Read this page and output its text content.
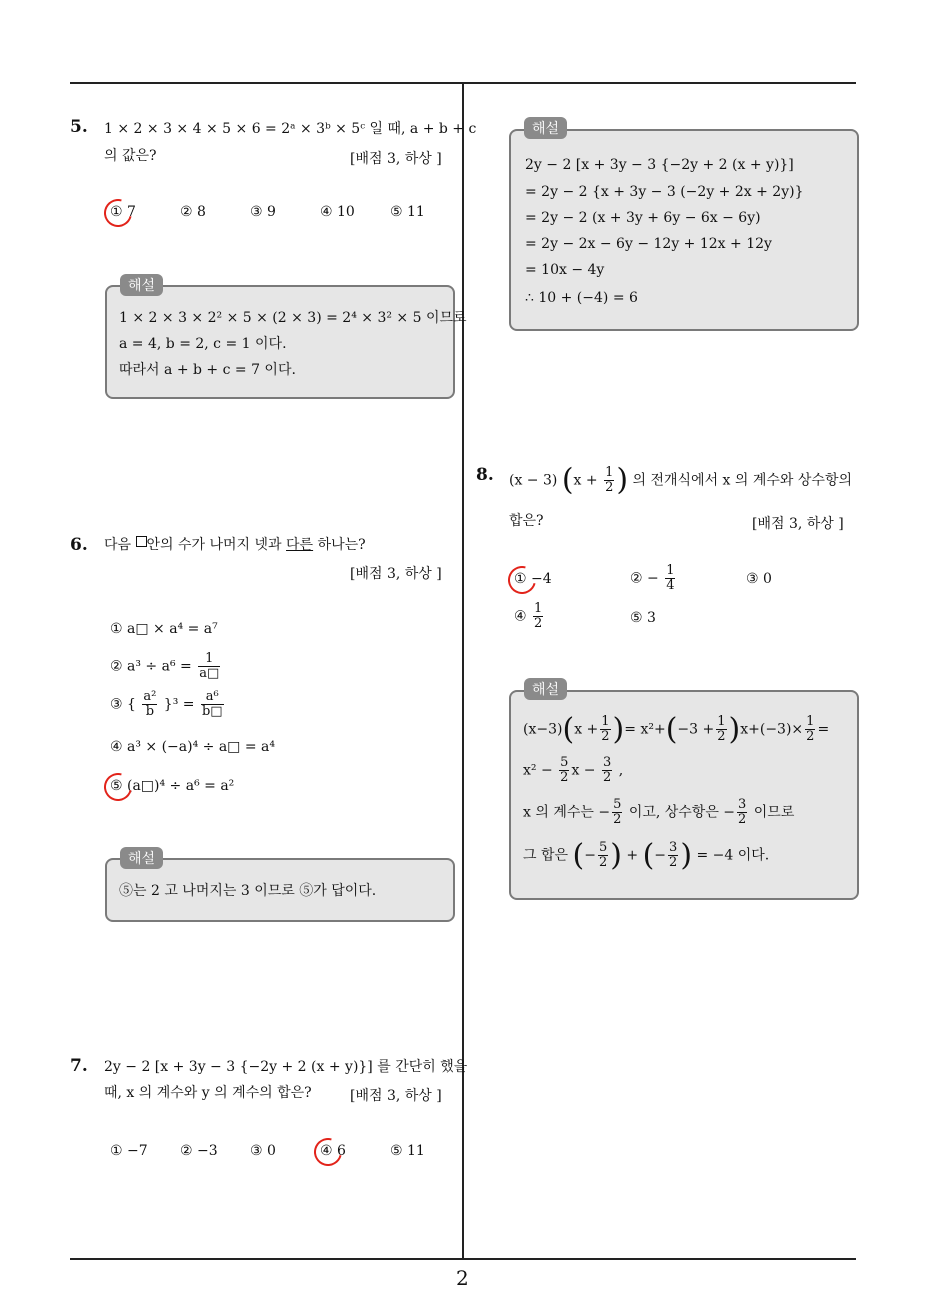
2
5. 1 × 2 × 3 × 4 × 5 × 6 = 2ᵃ × 3ᵇ × 5ᶜ 일 때, a + b + c
의 값은?	[배점 3, 하상 ]
① 7	② 8	③ 9	④ 10	⑤ 11
1 × 2 × 3 × 2² × 5 × (2 × 3) = 2⁴ × 3² × 5 이므로
a = 4, b = 2, c = 1 이다.
따라서 a + b + c = 7 이다.
해설
6. 다음 안의 수가 나머지 넷과 다른 하나는?
[배점 3, 하상 ]
① a□ × a⁴ = a⁷
② $a^3 \div a^6 = \frac{1}{a□}$
③ { $\frac{\text{a²}}{b} \}^3 = \frac{\text{a⁶}}{b□}$
④ a³ × (−a)⁴ ÷ a□ = a⁴
⑤ (a□)⁴ ÷ a⁶ = a²
⑤는 2 고 나머지는 3 이므로 ⑤가 답이다.
해설
7. 2y − 2 [x + 3y − 3 {−2y + 2 (x + y)}] 를 간단히 했을
때, x 의 계수와 y 의 계수의 합은?	[배점 3, 하상 ]
① −7 ② −3 ③ 0	④ 6	⑤ 11
2y − 2 [x + 3y − 3 {−2y + 2 (x + y)}]
= 2y − 2 {x + 3y − 3 (−2y + 2x + 2y)}
= 2y − 2 (x + 3y + 6y − 6x − 6y)
= 2y − 2x − 6y − 12y + 12x + 12y
= 10x − 4y
∴ 10 + (−4) = 6
해설
8. (x − 3) ($x + \frac{1}{2}$ ) 의 전개식에서 x 의 계수와 상수항의
합은?	[배점 3, 하상 ]
① −4	② − $\frac{1}{4}$	③ 0
④ $\frac{1}{2}$	⑤ 3
$(x-3)(x + \frac{1}{2}$ )= $x^2+(-3 + \frac{1}{2} )x+(-3)\times \frac{1}{2}$ =
$x^2 - \frac{5}{2}$ $x - \frac{3}{2}$ ,
x 의 계수는 − $\frac{5}{2}$ 이고, 상수항은 − $\frac{3}{2}$ 이므로
그 합은 (− $\frac{5}{2}$ ) + (− $\frac{3}{2}$ ) = −4 이다.
해설
